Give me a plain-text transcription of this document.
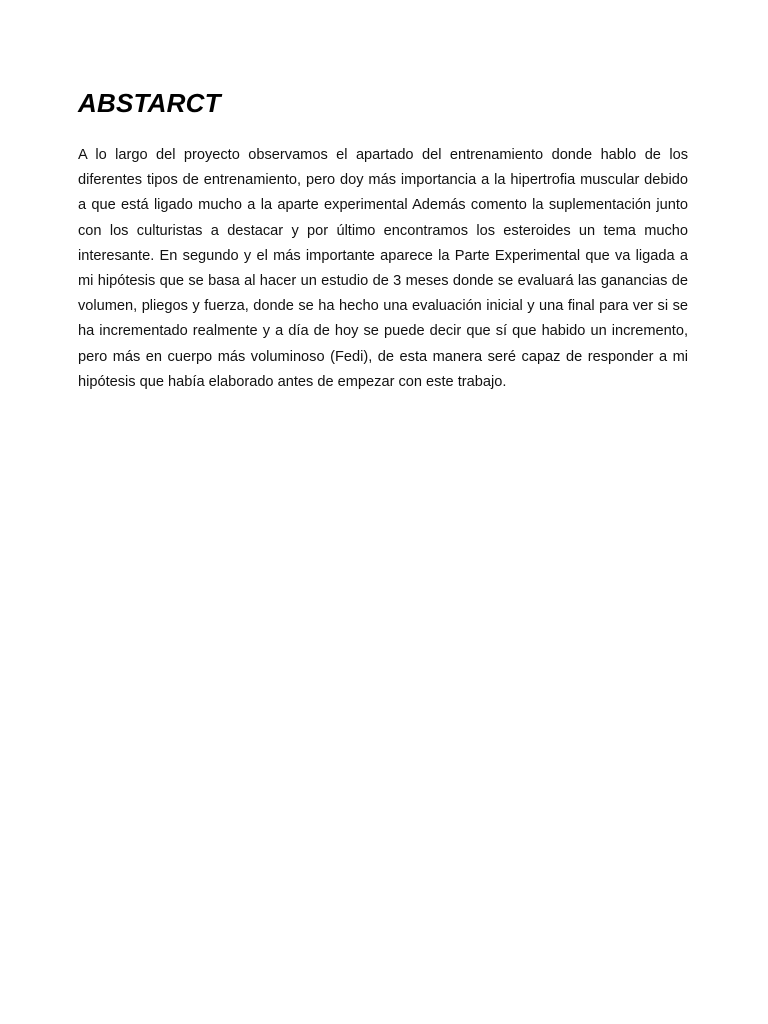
ABSTARCT

A lo largo del proyecto observamos el apartado del entrenamiento donde hablo de los diferentes tipos de entrenamiento, pero doy más importancia a la hipertrofia muscular debido a que está ligado mucho a la aparte experimental Además comento la suplementación junto con los culturistas a destacar y por último encontramos los esteroides un tema mucho interesante. En segundo y el más importante aparece la Parte Experimental que va ligada a mi hipótesis que se basa al hacer un estudio de 3 meses donde se evaluará las ganancias de volumen, pliegos y fuerza, donde se ha hecho una evaluación inicial y una final para ver si se ha incrementado realmente y a día de hoy se puede decir que sí que habido un incremento, pero más en cuerpo más voluminoso (Fedi), de esta manera seré capaz de responder a mi hipótesis que había elaborado antes de empezar con este trabajo.
